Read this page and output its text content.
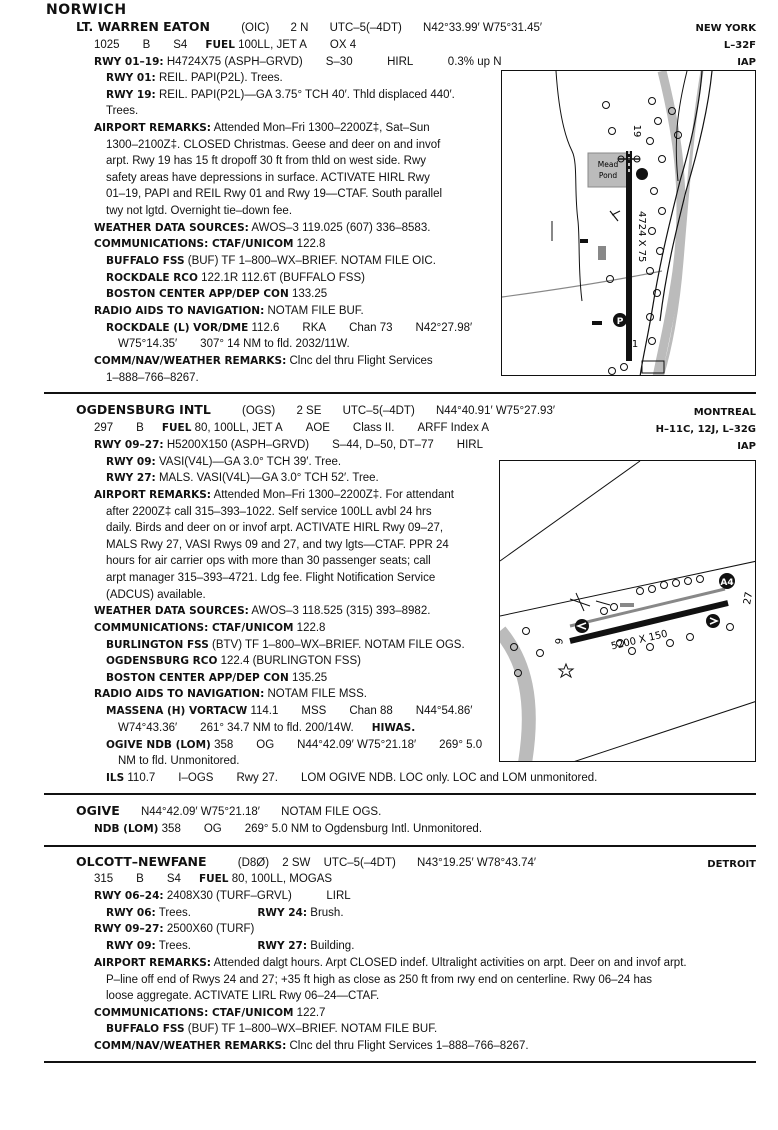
NORWICH
LT. WARREN EATON	(OIC) 2 N UTC–5(–4DT) N42°33.99′ W75°31.45′	NEW YORK
L–32F
IAP
1025  B  S4 FUEL 100LL, JET A  OX 4
RWY 01–19: H4724X75 (ASPH–GRVD)  S–30   HIRL   0.3% up N
RWY 01: REIL. PAPI(P2L). Trees.
RWY 19: REIL. PAPI(P2L)—GA 3.75° TCH 40′. Thld displaced 440′.
Trees.
AIRPORT REMARKS: Attended Mon–Fri 1300–2200Z‡, Sat–Sun
1300–2100Z‡. CLOSED Christmas. Geese and deer on and invof
arpt. Rwy 19 has 15 ft dropoff 30 ft from thld on west side. Rwy
safety areas have depressions in surface. ACTIVATE HIRL Rwy
01–19, PAPI and REIL Rwy 01 and Rwy 19—CTAF. South parallel
twy not lgtd. Overnight tie–down fee.
WEATHER DATA SOURCES: AWOS–3 119.025 (607) 336–8583.
COMMUNICATIONS: CTAF/UNICOM 122.8
BUFFALO FSS (BUF) TF 1–800–WX–BRIEF. NOTAM FILE OIC.
ROCKDALE RCO 122.1R 112.6T (BUFFALO FSS)
BOSTON CENTER APP/DEP CON 133.25
RADIO AIDS TO NAVIGATION: NOTAM FILE BUF.
ROCKDALE (L) VOR/DME 112.6  RKA  Chan 73  N42°27.98′
W75°14.35′  307° 14 NM to fld. 2032/11W.
COMM/NAV/WEATHER REMARKS: Clnc del thru Flight Services
1–888–766–8267.
Mead
Pond
19
1
4724 X 75
P
OGDENSBURG INTL	(OGS) 2 SE UTC–5(–4DT) N44°40.91′ W75°27.93′	MONTREAL
H–11C, 12J, L–32G
IAP
297  B FUEL 80, 100LL, JET A  AOE  Class II.  ARFF Index A
RWY 09–27: H5200X150 (ASPH–GRVD)  S–44, D–50, DT–77  HIRL
RWY 09: VASI(V4L)—GA 3.0° TCH 39′. Tree.
RWY 27: MALS. VASI(V4L)—GA 3.0° TCH 52′. Tree.
AIRPORT REMARKS: Attended Mon–Fri 1300–2200Z‡. For attendant
after 2200Z‡ call 315–393–1022. Self service 100LL avbl 24 hrs
daily. Birds and deer on or invof arpt. ACTIVATE HIRL Rwy 09–27,
MALS Rwy 27, VASI Rwys 09 and 27, and twy lgts—CTAF. PPR 24
hours for air carrier ops with more than 30 passenger seats; call
arpt manager 315–393–4721. Ldg fee. Flight Notification Service
(ADCUS) available.
WEATHER DATA SOURCES: AWOS–3 118.525 (315) 393–8982.
COMMUNICATIONS: CTAF/UNICOM 122.8
BURLINGTON FSS (BTV) TF 1–800–WX–BRIEF. NOTAM FILE OGS.
OGDENSBURG RCO 122.4 (BURLINGTON FSS)
BOSTON CENTER APP/DEP CON 135.25
RADIO AIDS TO NAVIGATION: NOTAM FILE MSS.
MASSENA (H) VORTACW 114.1  MSS  Chan 88  N44°54.86′
W74°43.36′  261° 34.7 NM to fld. 200/14W. HIWAS.
OGIVE NDB (LOM) 358  OG  N44°42.09′ W75°21.18′  269° 5.0
NM to fld. Unmonitored.
ILS 110.7  I–OGS  Rwy 27.  LOM OGIVE NDB. LOC only. LOC and LOM unmonitored.
5200 X 150
9
27
A4
OGIVE N44°42.09′ W75°21.18′ NOTAM FILE OGS.
NDB (LOM) 358  OG  269° 5.0 NM to Ogdensburg Intl. Unmonitored.
OLCOTT–NEWFANE	(D8Ø) 2 SW UTC–5(–4DT) N43°19.25′ W78°43.74′	DETROIT
315  B  S4 FUEL 80, 100LL, MOGAS
RWY 06–24: 2408X30 (TURF–GRVL)   LIRL
RWY 06: Trees.	RWY 24: Brush.
RWY 09–27: 2500X60 (TURF)
RWY 09: Trees.	RWY 27: Building.
AIRPORT REMARKS: Attended dalgt hours. Arpt CLOSED indef. Ultralight activities on arpt. Deer on and invof arpt.
P–line off end of Rwys 24 and 27; +35 ft high as close as 250 ft from rwy end on centerline. Rwy 06–24 has
loose aggregate. ACTIVATE LIRL Rwy 06–24—CTAF.
COMMUNICATIONS: CTAF/UNICOM 122.7
BUFFALO FSS (BUF) TF 1–800–WX–BRIEF. NOTAM FILE BUF.
COMM/NAV/WEATHER REMARKS: Clnc del thru Flight Services 1–888–766–8267.
